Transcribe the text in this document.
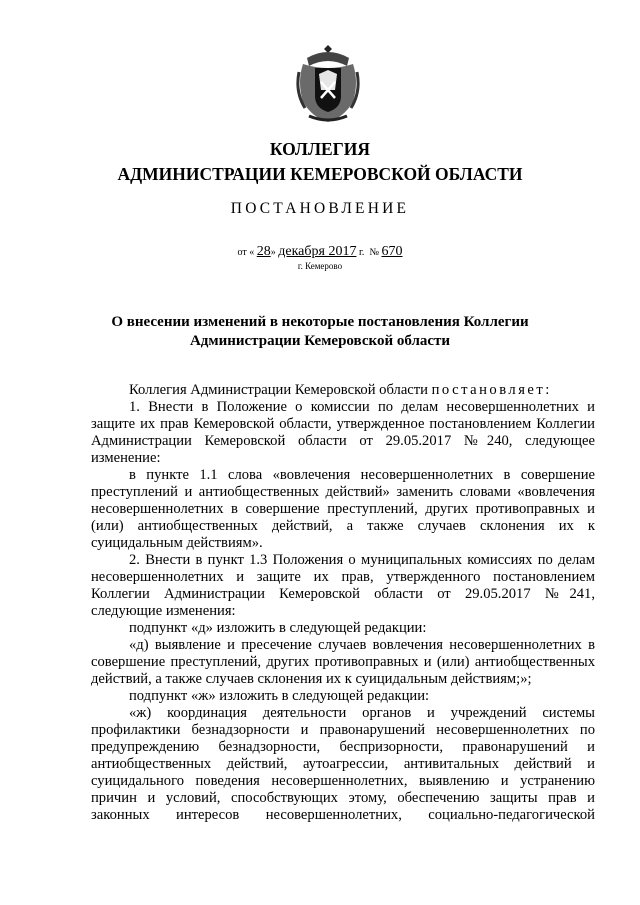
КОЛЛЕГИЯ
АДМИНИСТРАЦИИ КЕМЕРОВСКОЙ ОБЛАСТИ
ПОСТАНОВЛЕНИЕ
от « 28» декабря 2017 г. № 670
г. Кемерово
О внесении изменений в некоторые постановления Коллегии
Администрации Кемеровской области

Коллегия Администрации Кемеровской области постановляет:

1. Внести в Положение о комиссии по делам несовершеннолетних и защите их прав Кемеровской области, утвержденное постановлением Коллегии Администрации Кемеровской области от 29.05.2017 №240, следующее изменение:

в пункте 1.1 слова «вовлечения несовершеннолетних в совершение преступлений и антиобщественных действий» заменить словами «вовлечения несовершеннолетних в совершение преступлений, других противоправных и (или) антиобщественных действий, а также случаев склонения их к суицидальным действиям».

2. Внести в пункт 1.3 Положения о муниципальных комиссиях по делам несовершеннолетних и защите их прав, утвержденного постановлением Коллегии Администрации Кемеровской области от 29.05.2017 №241, следующие изменения:

подпункт «д» изложить в следующей редакции:

«д) выявление и пресечение случаев вовлечения несовершеннолетних в совершение преступлений, других противоправных и (или) антиобщественных действий, а также случаев склонения их к суицидальным действиям;»;

подпункт «ж» изложить в следующей редакции:

«ж) координация деятельности органов и учреждений системы профилактики безнадзорности и правонарушений несовершеннолетних по предупреждению безнадзорности, беспризорности, правонарушений и антиобщественных действий, аутоагрессии, антивитальных действий и суицидального поведения несовершеннолетних, выявлению и устранению причин и условий, способствующих этому, обеспечению защиты прав и законных интересов несовершеннолетних, социально-педагогической
